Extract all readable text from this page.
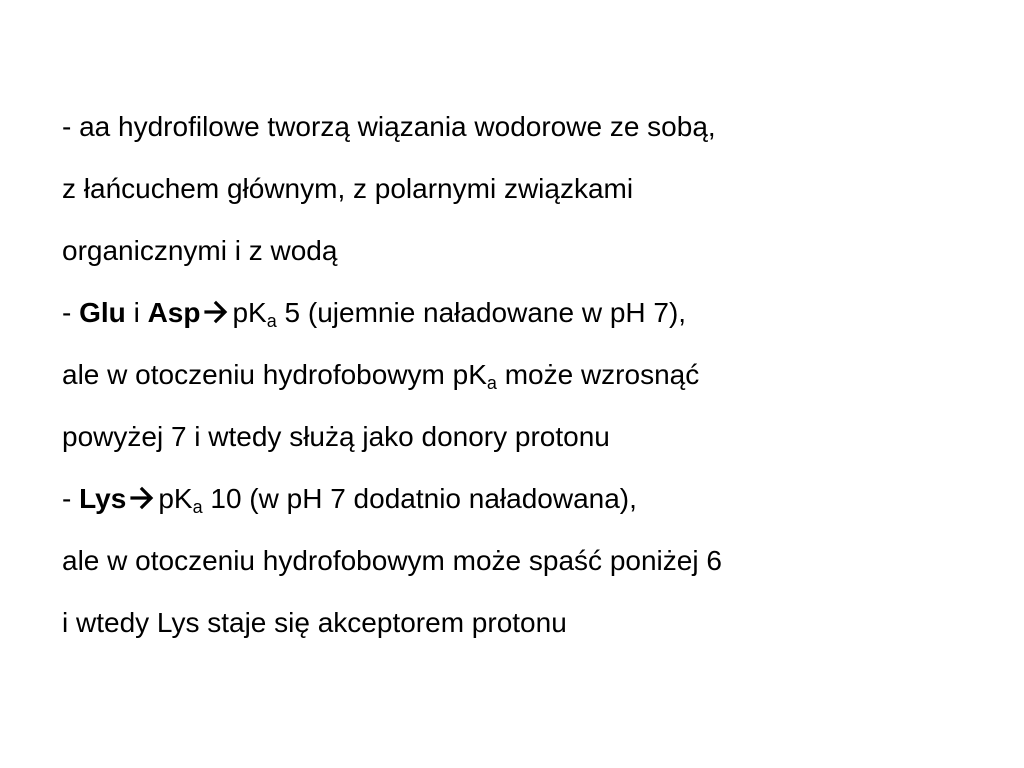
- aa hydrofilowe tworzą wiązania wodorowe ze sobą,
z łańcuchem głównym, z polarnymi związkami
organicznymi i z wodą
- Glu i Asp $pK_a$ 5 (ujemnie naładowane w pH 7),
ale w otoczeniu hydrofobowym $pK_a$ może wzrosnąć
powyżej 7 i wtedy służą jako donory protonu
- Lys $pK_a$ 10 (w pH 7 dodatnio naładowana),
ale w otoczeniu hydrofobowym może spaść poniżej 6
i wtedy Lys staje się akceptorem protonu
